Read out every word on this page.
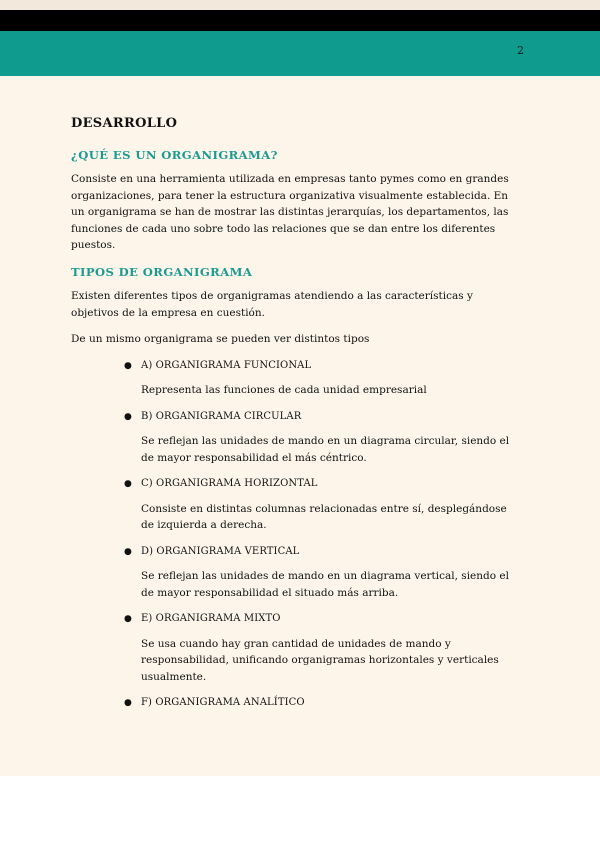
2
DESARROLLO
¿QUÉ ES UN ORGANIGRAMA?

Consiste en una herramienta utilizada en empresas tanto pymes como en grandes organizaciones, para tener la estructura organizativa visualmente establecida. En un organigrama se han de mostrar las distintas jerarquías, los departamentos, las funciones de cada uno sobre todo las relaciones que se dan entre los diferentes puestos.

TIPOS DE ORGANIGRAMA

Existen diferentes tipos de organigramas atendiendo a las características y objetivos de la empresa en cuestión.

De un mismo organigrama se pueden ver distintos tipos

● A) ORGANIGRAMA FUNCIONAL
Representa las funciones de cada unidad empresarial
● B) ORGANIGRAMA CIRCULAR
Se reflejan las unidades de mando en un diagrama circular, siendo el de mayor responsabilidad el más céntrico.
● C) ORGANIGRAMA HORIZONTAL
Consiste en distintas columnas relacionadas entre sí, desplegándose de izquierda a derecha.
● D) ORGANIGRAMA VERTICAL
Se reflejan las unidades de mando en un diagrama vertical, siendo el de mayor responsabilidad el situado más arriba.
● E) ORGANIGRAMA MIXTO
Se usa cuando hay gran cantidad de unidades de mando y responsabilidad, unificando organigramas horizontales y verticales usualmente.
● F) ORGANIGRAMA ANALÍTICO
